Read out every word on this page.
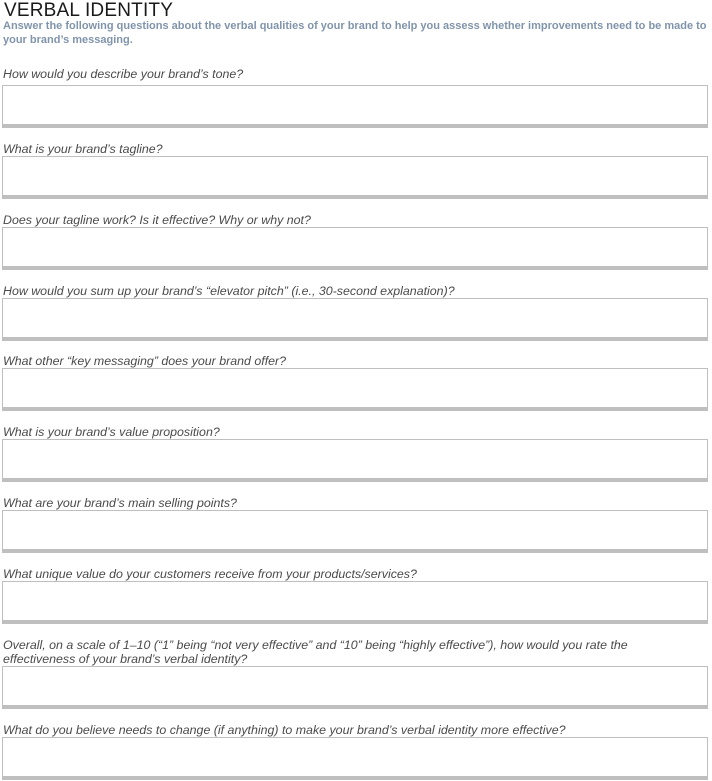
VERBAL IDENTITY
Answer the following questions about the verbal qualities of your brand to help you assess whether improvements need to be made to your brand’s messaging.
How would you describe your brand’s tone?
What is your brand’s tagline?
Does your tagline work? Is it effective? Why or why not?
How would you sum up your brand’s “elevator pitch” (i.e., 30-second explanation)?
What other “key messaging” does your brand offer?
What is your brand’s value proposition?
What are your brand’s main selling points?
What unique value do your customers receive from your products/services?
Overall, on a scale of 1–10 (“1” being “not very effective” and “10” being “highly effective”), how would you rate the effectiveness of your brand’s verbal identity?
What do you believe needs to change (if anything) to make your brand’s verbal identity more effective?
